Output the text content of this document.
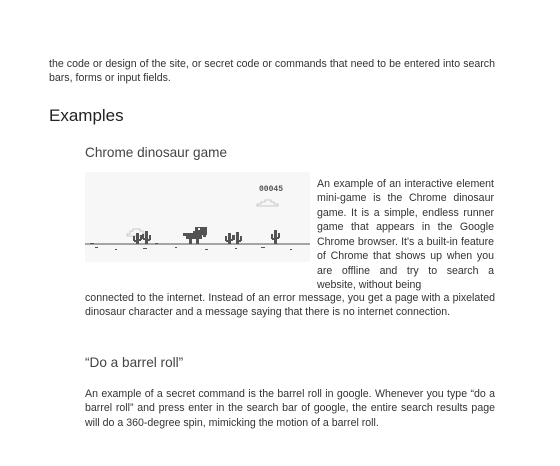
the code or design of the site, or secret code or commands that need to be entered into search bars, forms or input fields.

Examples
Chrome dinosaur game
00045	An example of an interactive element mini-game is the Chrome dinosaur game. It is a simple, endless runner game that appears in the Google Chrome browser. It's a built-in feature of Chrome that shows up when you are offline and try to search a website, without being

connected to the internet. Instead of an error message, you get a page with a pixelated dinosaur character and a message saying that there is no internet connection.

“Do a barrel roll”

An example of a secret command is the barrel roll in google. Whenever you type “do a barrel roll” and press enter in the search bar of google, the entire search results page will do a 360-degree spin, mimicking the motion of a barrel roll.
